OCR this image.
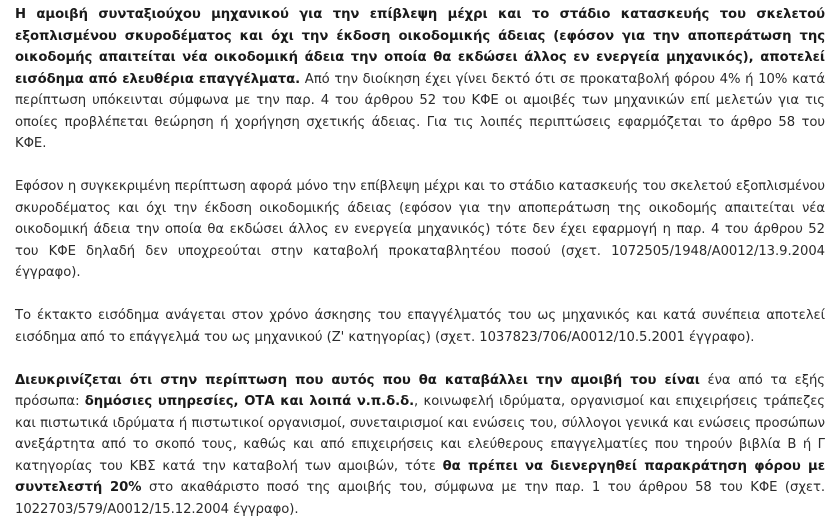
Η αμοιβή συνταξιούχου μηχανικού για την επίβλεψη μέχρι και το στάδιο κατασκευής του σκελετού εξοπλισμένου σκυροδέματος και όχι την έκδοση οικοδομικής άδειας (εφόσον για την αποπεράτωση της οικοδομής απαιτείται νέα οικοδομική άδεια την οποία θα εκδώσει άλλος εν ενεργεία μηχανικός), αποτελεί εισόδημα από ελευθέρια επαγγέλματα. Από την διοίκηση έχει γίνει δεκτό ότι σε προκαταβολή φόρου 4% ή 10% κατά περίπτωση υπόκεινται σύμφωνα με την παρ. 4 του άρθρου 52 του ΚΦΕ οι αμοιβές των μηχανικών επί μελετών για τις οποίες προβλέπεται θεώρηση ή χορήγηση σχετικής άδειας. Για τις λοιπές περιπτώσεις εφαρμόζεται το άρθρο 58 του ΚΦΕ.

Εφόσον η συγκεκριμένη περίπτωση αφορά μόνο την επίβλεψη μέχρι και το στάδιο κατασκευής του σκελετού εξοπλισμένου σκυροδέματος και όχι την έκδοση οικοδομικής άδειας (εφόσον για την αποπεράτωση της οικοδομής απαιτείται νέα οικοδομική άδεια την οποία θα εκδώσει άλλος εν ενεργεία μηχανικός) τότε δεν έχει εφαρμογή η παρ. 4 του άρθρου 52 του ΚΦΕ δηλαδή δεν υποχρεούται στην καταβολή προκαταβλητέου ποσού (σχετ. 1072505/1948/Α0012/13.9.2004 έγγραφο).

Το έκτακτο εισόδημα ανάγεται στον χρόνο άσκησης του επαγγέλματός του ως μηχανικός και κατά συνέπεια αποτελεί εισόδημα από το επάγγελμά του ως μηχανικού (Ζ' κατηγορίας) (σχετ. 1037823/706/Α0012/10.5.2001 έγγραφο).

Διευκρινίζεται ότι στην περίπτωση που αυτός που θα καταβάλλει την αμοιβή του είναι ένα από τα εξής πρόσωπα: δημόσιες υπηρεσίες, ΟΤΑ και λοιπά ν.π.δ.δ., κοινωφελή ιδρύματα, οργανισμοί και επιχειρήσεις τράπεζες και πιστωτικά ιδρύματα ή πιστωτικοί οργανισμοί, συνεταιρισμοί και ενώσεις του, σύλλογοι γενικά και ενώσεις προσώπων ανεξάρτητα από το σκοπό τους, καθώς και από επιχειρήσεις και ελεύθερους επαγγελματίες που τηρούν βιβλία Β ή Γ κατηγορίας του ΚΒΣ κατά την καταβολή των αμοιβών, τότε θα πρέπει να διενεργηθεί παρακράτηση φόρου με συντελεστή 20% στο ακαθάριστο ποσό της αμοιβής του, σύμφωνα με την παρ. 1 του άρθρου 58 του ΚΦΕ (σχετ. 1022703/579/Α0012/15.12.2004 έγγραφο).
